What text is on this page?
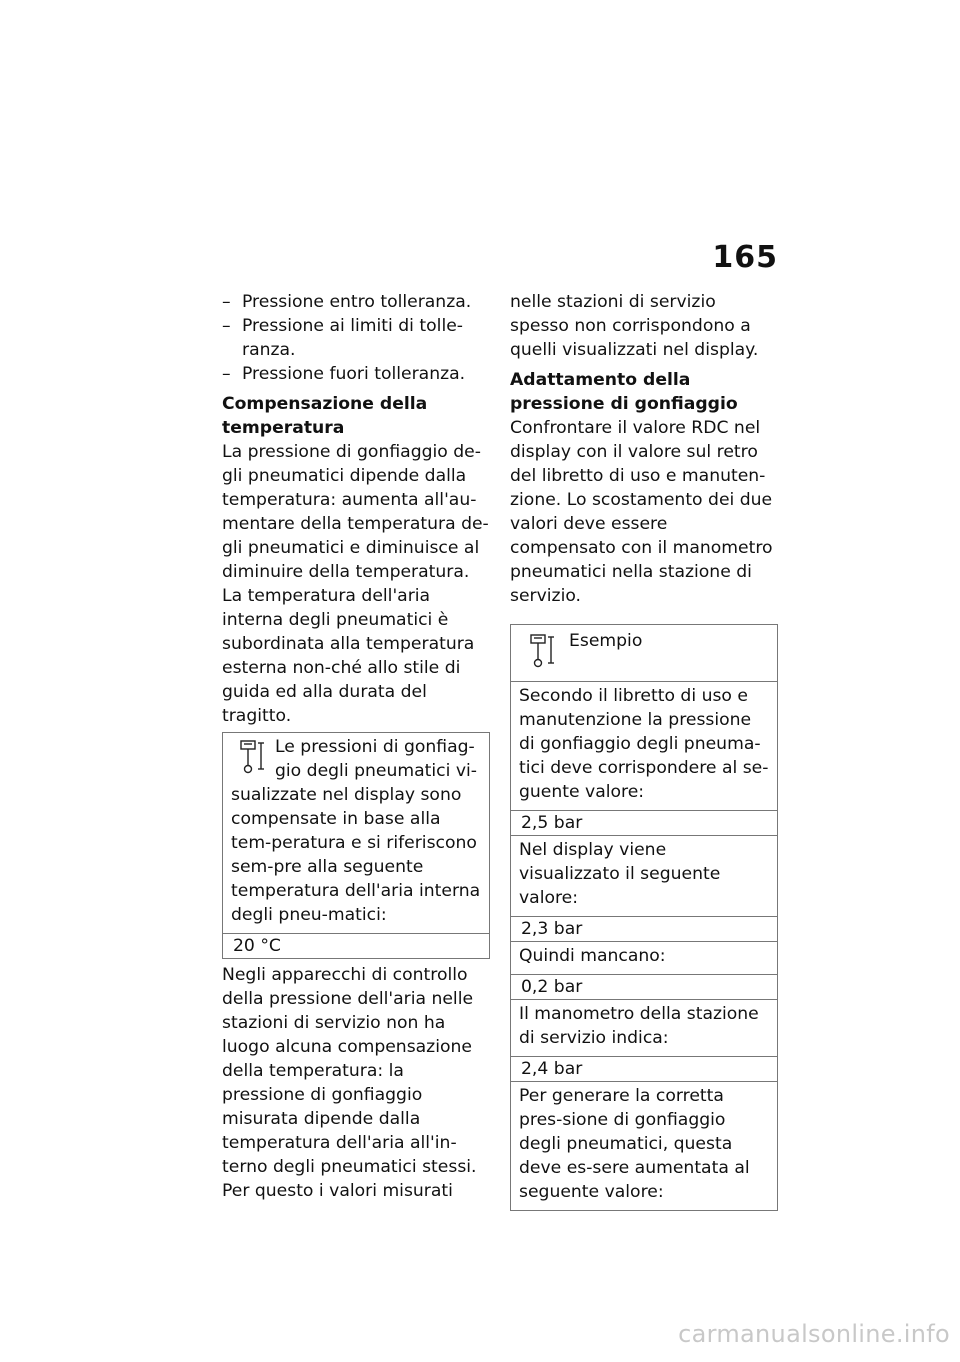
165
– Pressione entro tolleranza.
– Pressione ai limiti di tolle-ranza.
– Pressione fuori tolleranza.
Compensazione della temperatura

La pressione di gonfiaggio de-gli pneumatici dipende dalla temperatura: aumenta all'au-mentare della temperatura de-gli pneumatici e diminuisce al diminuire della temperatura. La temperatura dell'aria interna degli pneumatici è subordinata alla temperatura esterna non-ché allo stile di guida ed alla durata del tragitto.

Le pressioni di gonfiag-gio degli pneumatici vi-sualizzate nel display sono compensate in base alla tem-peratura e si riferiscono sem-pre alla seguente temperatura dell'aria interna degli pneu-matici:
20 °C

Negli apparecchi di controllo della pressione dell'aria nelle stazioni di servizio non ha luogo alcuna compensazione della temperatura: la pressione di gonfiaggio misurata dipende dalla temperatura dell'aria all'in-terno degli pneumatici stessi. Per questo i valori misurati

nelle stazioni di servizio spesso non corrispondono a quelli visualizzati nel display.

Adattamento della pressione di gonfiaggio

Confrontare il valore RDC nel display con il valore sul retro del libretto di uso e manuten-zione. Lo scostamento dei due valori deve essere compensato con il manometro pneumatici nella stazione di servizio.

Esempio
Secondo il libretto di uso e manutenzione la pressione di gonfiaggio degli pneuma-tici deve corrispondere al se-guente valore:
2,5 bar
Nel display viene visualizzato il seguente valore:
2,3 bar
Quindi mancano:
0,2 bar
Il manometro della stazione di servizio indica:
2,4 bar
Per generare la corretta pres-sione di gonfiaggio degli pneumatici, questa deve es-sere aumentata al seguente valore:
carmanualsonline.info
